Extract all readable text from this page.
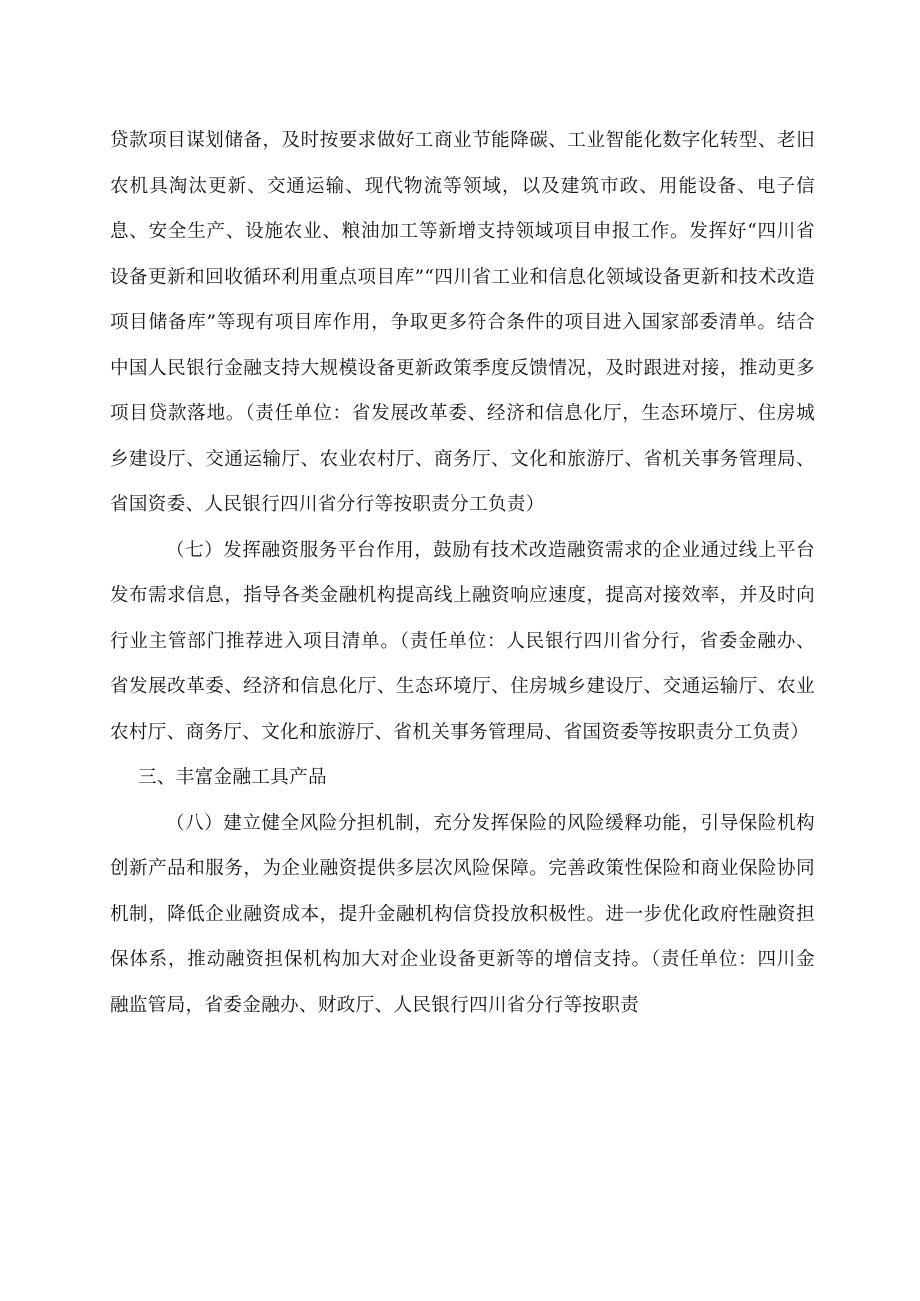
贷款项目谋划储备，及时按要求做好工商业节能降碳、工业智能化数字化转型、老旧农机具淘汰更新、交通运输、现代物流等领域，以及建筑市政、用能设备、电子信息、安全生产、设施农业、粮油加工等新增支持领域项目申报工作。发挥好“四川省设备更新和回收循环利用重点项目库”“四川省工业和信息化领域设备更新和技术改造项目储备库”等现有项目库作用，争取更多符合条件的项目进入国家部委清单。结合中国人民银行金融支持大规模设备更新政策季度反馈情况，及时跟进对接，推动更多项目贷款落地。（责任单位：省发展改革委、经济和信息化厅，生态环境厅、住房城乡建设厅、交通运输厅、农业农村厅、商务厅、文化和旅游厅、省机关事务管理局、省国资委、人民银行四川省分行等按职责分工负责）

（七）发挥融资服务平台作用，鼓励有技术改造融资需求的企业通过线上平台发布需求信息，指导各类金融机构提高线上融资响应速度，提高对接效率，并及时向行业主管部门推荐进入项目清单。（责任单位：人民银行四川省分行，省委金融办、省发展改革委、经济和信息化厅、生态环境厅、住房城乡建设厅、交通运输厅、农业农村厅、商务厅、文化和旅游厅、省机关事务管理局、省国资委等按职责分工负责）

三、丰富金融工具产品

（八）建立健全风险分担机制，充分发挥保险的风险缓释功能，引导保险机构创新产品和服务，为企业融资提供多层次风险保障。完善政策性保险和商业保险协同机制，降低企业融资成本，提升金融机构信贷投放积极性。进一步优化政府性融资担保体系，推动融资担保机构加大对企业设备更新等的增信支持。（责任单位：四川金融监管局，省委金融办、财政厅、人民银行四川省分行等按职责
